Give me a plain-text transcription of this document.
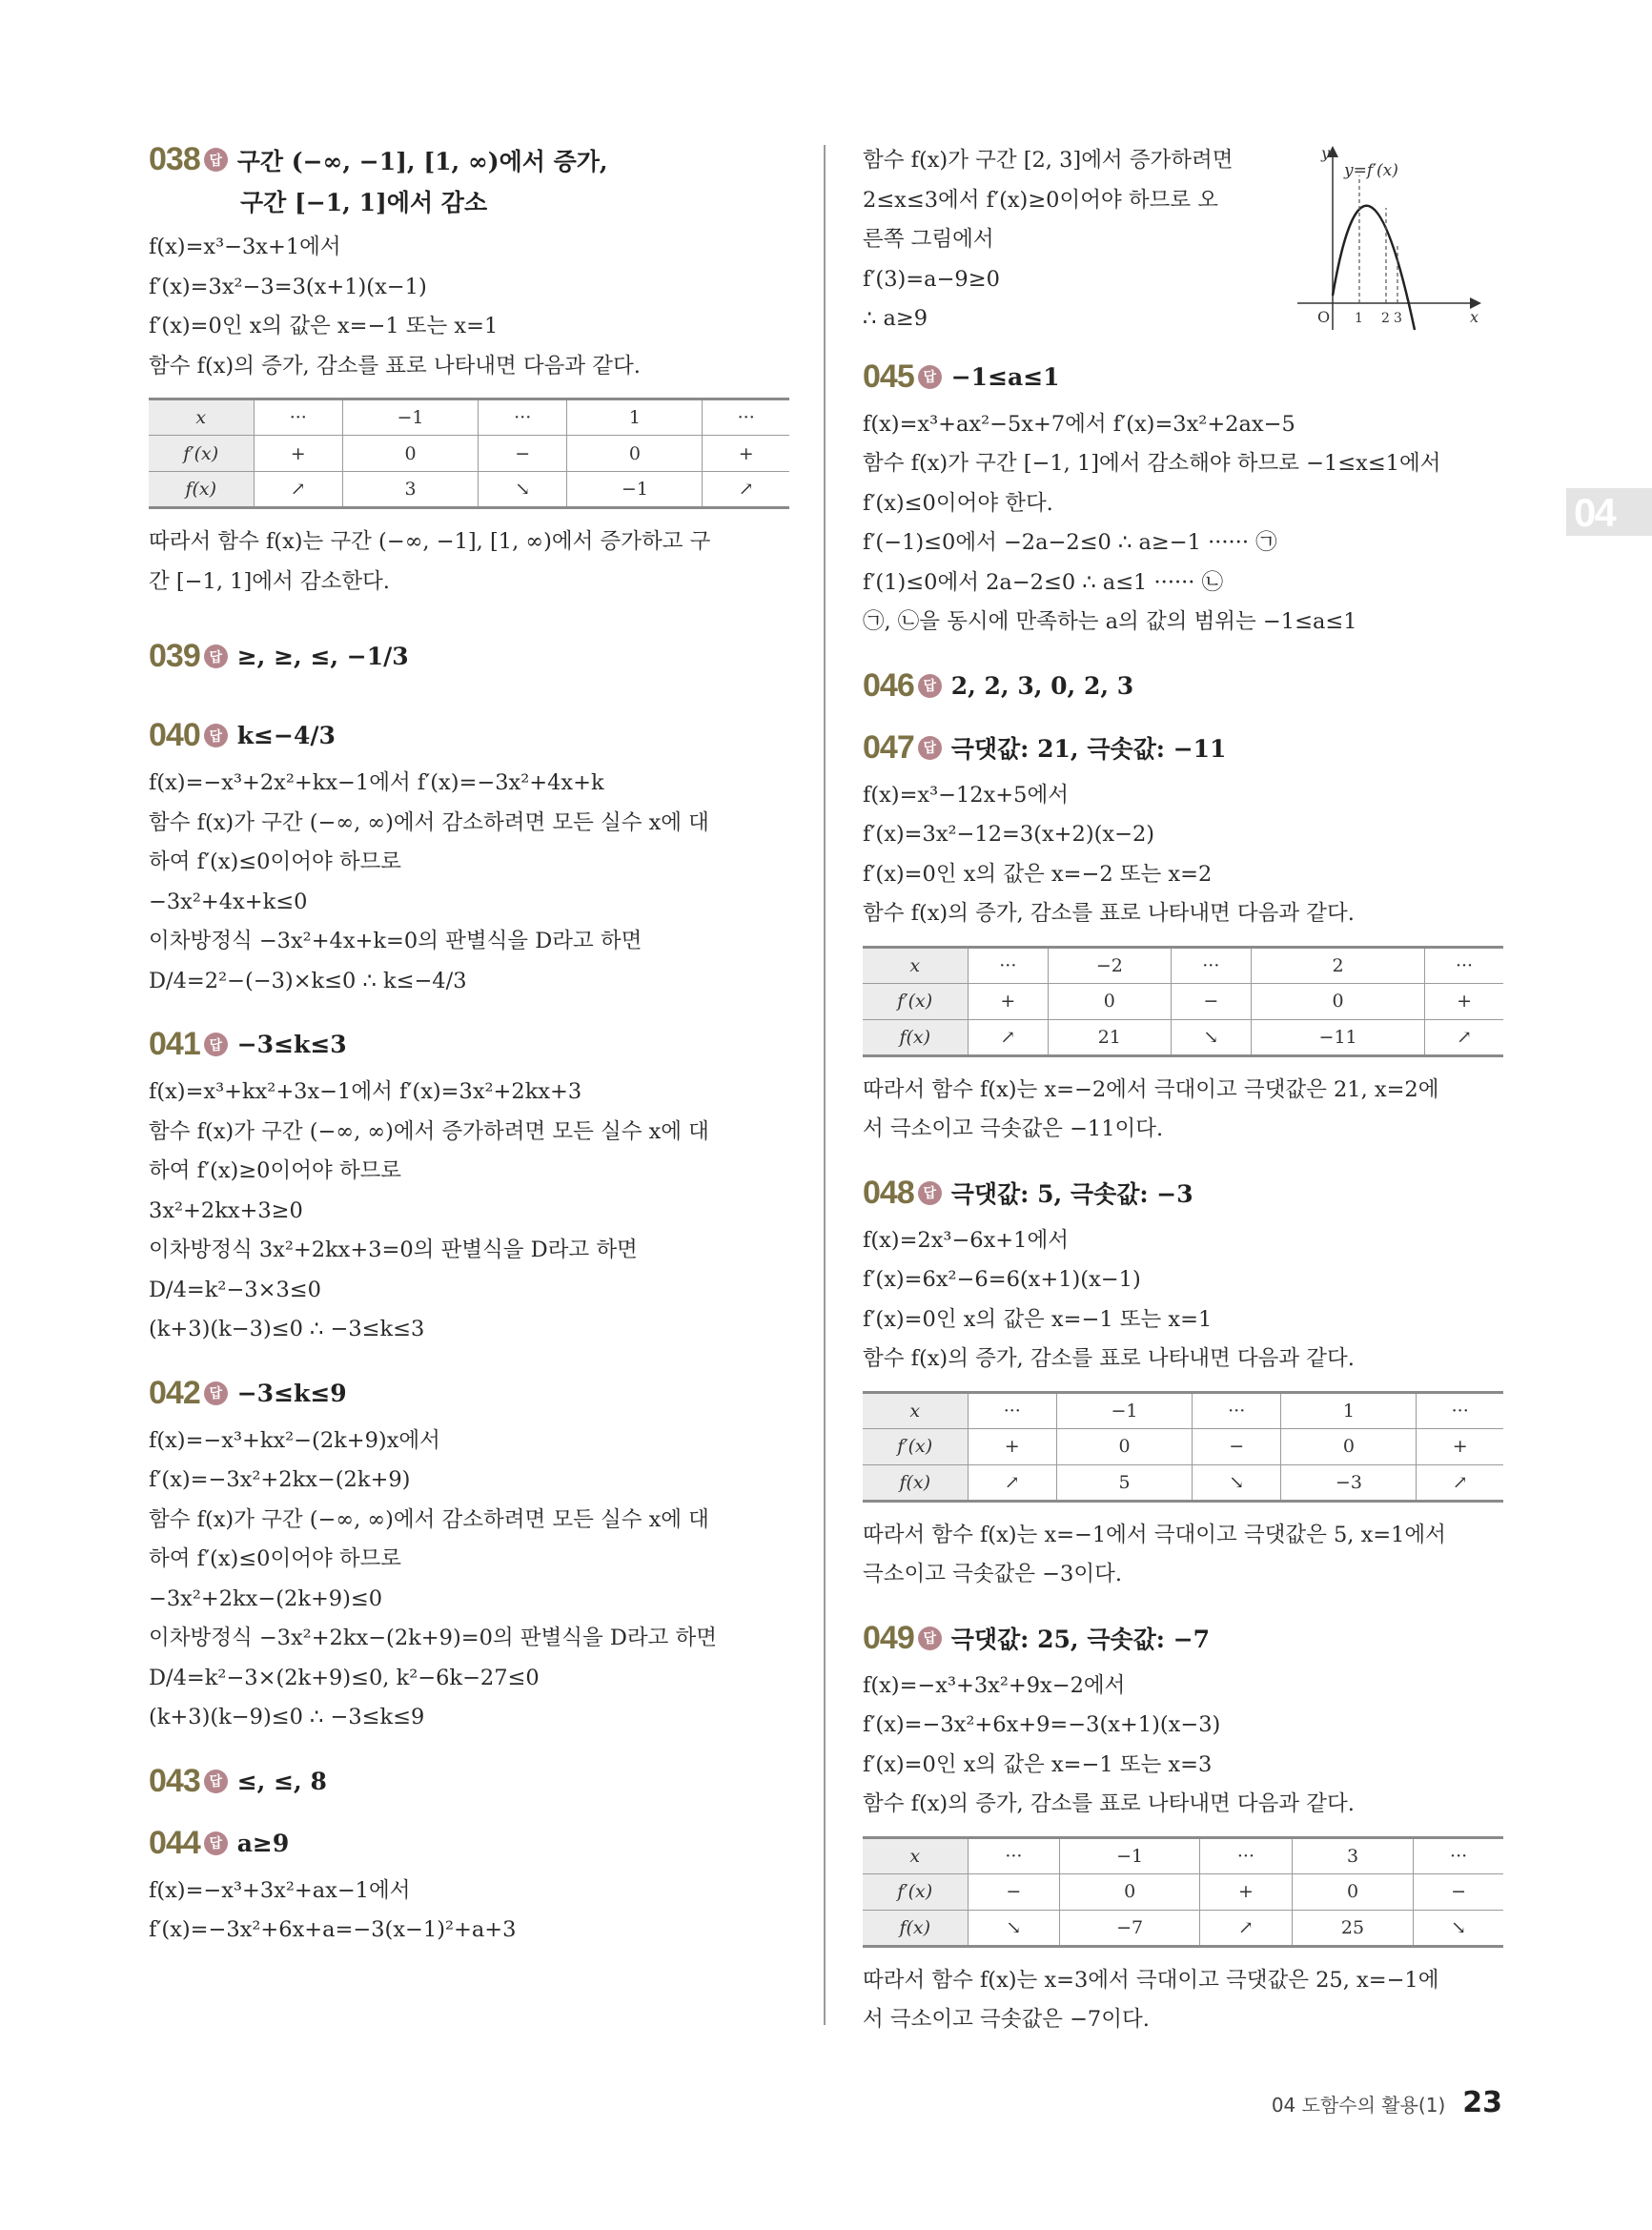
038 답 구간 (−∞, −1], [1, ∞)에서 증가,
구간 [−1, 1]에서 감소
f(x)=x³−3x+1에서
f′(x)=3x²−3=3(x+1)(x−1)
f′(x)=0인 x의 값은 x=−1 또는 x=1
함수 f(x)의 증가, 감소를 표로 나타내면 다음과 같다.
x	···	−1	···	1	···
f′(x)	+	0	−	0	+
f(x)	↗	3	↘	−1	↗
따라서 함수 f(x)는 구간 (−∞, −1], [1, ∞)에서 증가하고 구
간 [−1, 1]에서 감소한다.
039 답 ≥, ≥, ≤, −1/3
040 답 k≤−4/3
f(x)=−x³+2x²+kx−1에서 f′(x)=−3x²+4x+k
함수 f(x)가 구간 (−∞, ∞)에서 감소하려면 모든 실수 x에 대
하여 f′(x)≤0이어야 하므로
−3x²+4x+k≤0
이차방정식 −3x²+4x+k=0의 판별식을 D라고 하면
D/4=2²−(−3)×k≤0 ∴ k≤−4/3
041 답 −3≤k≤3
f(x)=x³+kx²+3x−1에서 f′(x)=3x²+2kx+3
함수 f(x)가 구간 (−∞, ∞)에서 증가하려면 모든 실수 x에 대
하여 f′(x)≥0이어야 하므로
3x²+2kx+3≥0
이차방정식 3x²+2kx+3=0의 판별식을 D라고 하면
D/4=k²−3×3≤0
(k+3)(k−3)≤0 ∴ −3≤k≤3
042 답 −3≤k≤9
f(x)=−x³+kx²−(2k+9)x에서
f′(x)=−3x²+2kx−(2k+9)
함수 f(x)가 구간 (−∞, ∞)에서 감소하려면 모든 실수 x에 대
하여 f′(x)≤0이어야 하므로
−3x²+2kx−(2k+9)≤0
이차방정식 −3x²+2kx−(2k+9)=0의 판별식을 D라고 하면
D/4=k²−3×(2k+9)≤0, k²−6k−27≤0
(k+3)(k−9)≤0 ∴ −3≤k≤9
043 답 ≤, ≤, 8
044 답 a≥9
f(x)=−x³+3x²+ax−1에서
f′(x)=−3x²+6x+a=−3(x−1)²+a+3
함수 f(x)가 구간 [2, 3]에서 증가하려면
2≤x≤3에서 f′(x)≥0이어야 하므로 오
른쪽 그림에서
f′(3)=a−9≥0
∴ a≥9
045 답 −1≤a≤1
f(x)=x³+ax²−5x+7에서 f′(x)=3x²+2ax−5
함수 f(x)가 구간 [−1, 1]에서 감소해야 하므로 −1≤x≤1에서
f′(x)≤0이어야 한다.
f′(−1)≤0에서 −2a−2≤0 ∴ a≥−1 ······ ㉠
f′(1)≤0에서 2a−2≤0 ∴ a≤1 ······ ㉡
㉠, ㉡을 동시에 만족하는 a의 값의 범위는 −1≤a≤1
046 답 2, 2, 3, 0, 2, 3
047 답 극댓값: 21, 극솟값: −11
f(x)=x³−12x+5에서
f′(x)=3x²−12=3(x+2)(x−2)
f′(x)=0인 x의 값은 x=−2 또는 x=2
함수 f(x)의 증가, 감소를 표로 나타내면 다음과 같다.
x	···	−2	···	2	···
f′(x)	+	0	−	0	+
f(x)	↗	21	↘	−11	↗
따라서 함수 f(x)는 x=−2에서 극대이고 극댓값은 21, x=2에
서 극소이고 극솟값은 −11이다.
048 답 극댓값: 5, 극솟값: −3
f(x)=2x³−6x+1에서
f′(x)=6x²−6=6(x+1)(x−1)
f′(x)=0인 x의 값은 x=−1 또는 x=1
함수 f(x)의 증가, 감소를 표로 나타내면 다음과 같다.
x	···	−1	···	1	···
f′(x)	+	0	−	0	+
f(x)	↗	5	↘	−3	↗
따라서 함수 f(x)는 x=−1에서 극대이고 극댓값은 5, x=1에서
극소이고 극솟값은 −3이다.
049 답 극댓값: 25, 극솟값: −7
f(x)=−x³+3x²+9x−2에서
f′(x)=−3x²+6x+9=−3(x+1)(x−3)
f′(x)=0인 x의 값은 x=−1 또는 x=3
함수 f(x)의 증가, 감소를 표로 나타내면 다음과 같다.
x	···	−1	···	3	···
f′(x)	−	0	+	0	−
f(x)	↘	−7	↗	25	↘
따라서 함수 f(x)는 x=3에서 극대이고 극댓값은 25, x=−1에
서 극소이고 극솟값은 −7이다.
y
x
y=f′(x)
O 1 2 3
04
04 도함수의 활용(1) 23
